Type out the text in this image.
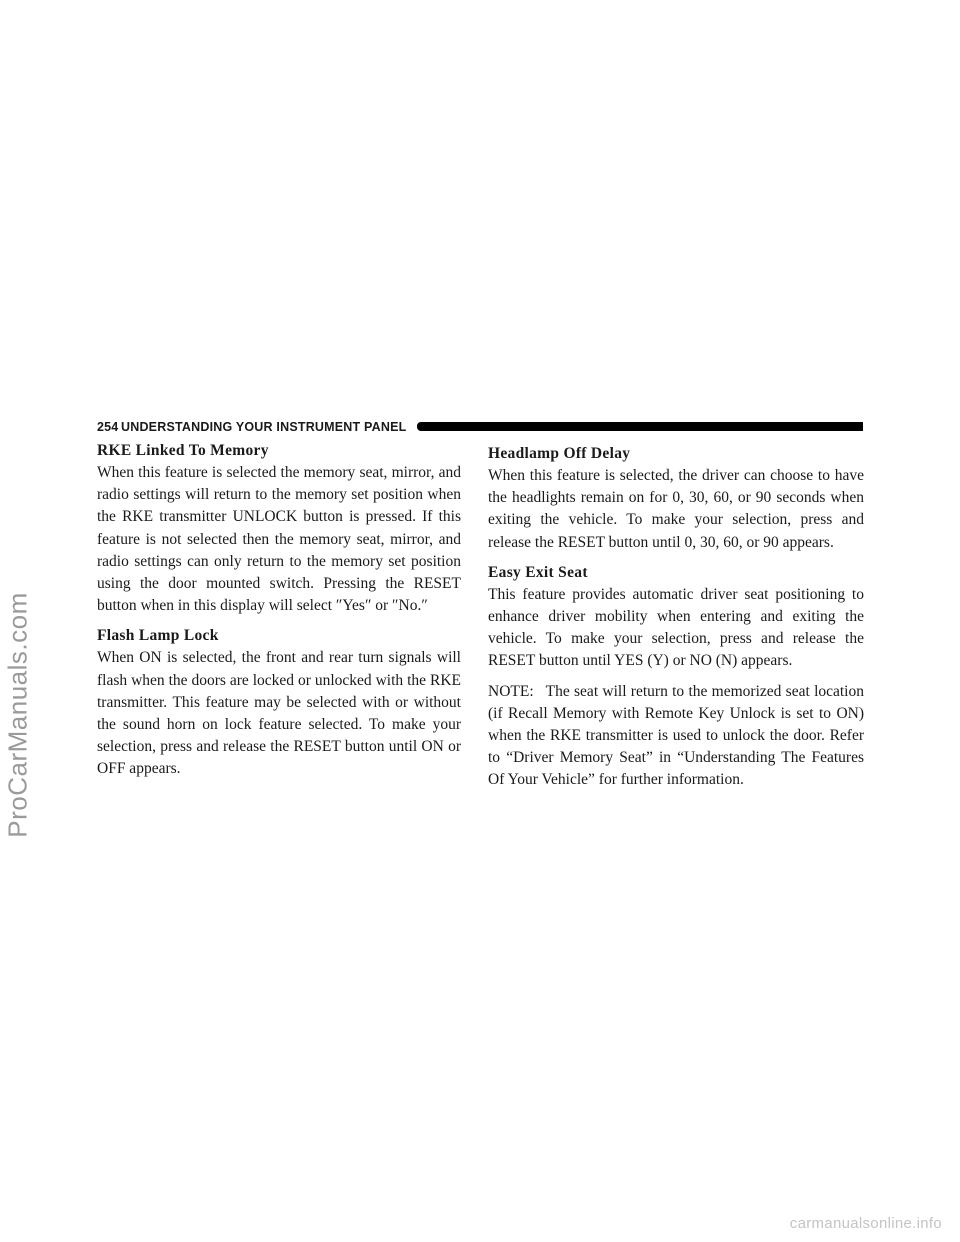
254 UNDERSTANDING YOUR INSTRUMENT PANEL
RKE Linked To Memory

When this feature is selected the memory seat, mirror, and radio settings will return to the memory set position when the RKE transmitter UNLOCK button is pressed. If this feature is not selected then the memory seat, mirror, and radio settings can only return to the memory set position using the door mounted switch. Pressing the RESET button when in this display will select ″Yes″ or ″No.″

Flash Lamp Lock

When ON is selected, the front and rear turn signals will flash when the doors are locked or unlocked with the RKE transmitter. This feature may be selected with or without the sound horn on lock feature selected. To make your selection, press and release the RESET button until ON or OFF appears.

Headlamp Off Delay

When this feature is selected, the driver can choose to have the headlights remain on for 0, 30, 60, or 90 seconds when exiting the vehicle. To make your selection, press and release the RESET button until 0, 30, 60, or 90 appears.

Easy Exit Seat

This feature provides automatic driver seat positioning to enhance driver mobility when entering and exiting the vehicle. To make your selection, press and release the RESET button until YES (Y) or NO (N) appears.

NOTE: The seat will return to the memorized seat location (if Recall Memory with Remote Key Unlock is set to ON) when the RKE transmitter is used to unlock the door. Refer to “Driver Memory Seat” in “Understanding The Features Of Your Vehicle” for further information.

ProCarManuals.com
carmanualsonline.info
